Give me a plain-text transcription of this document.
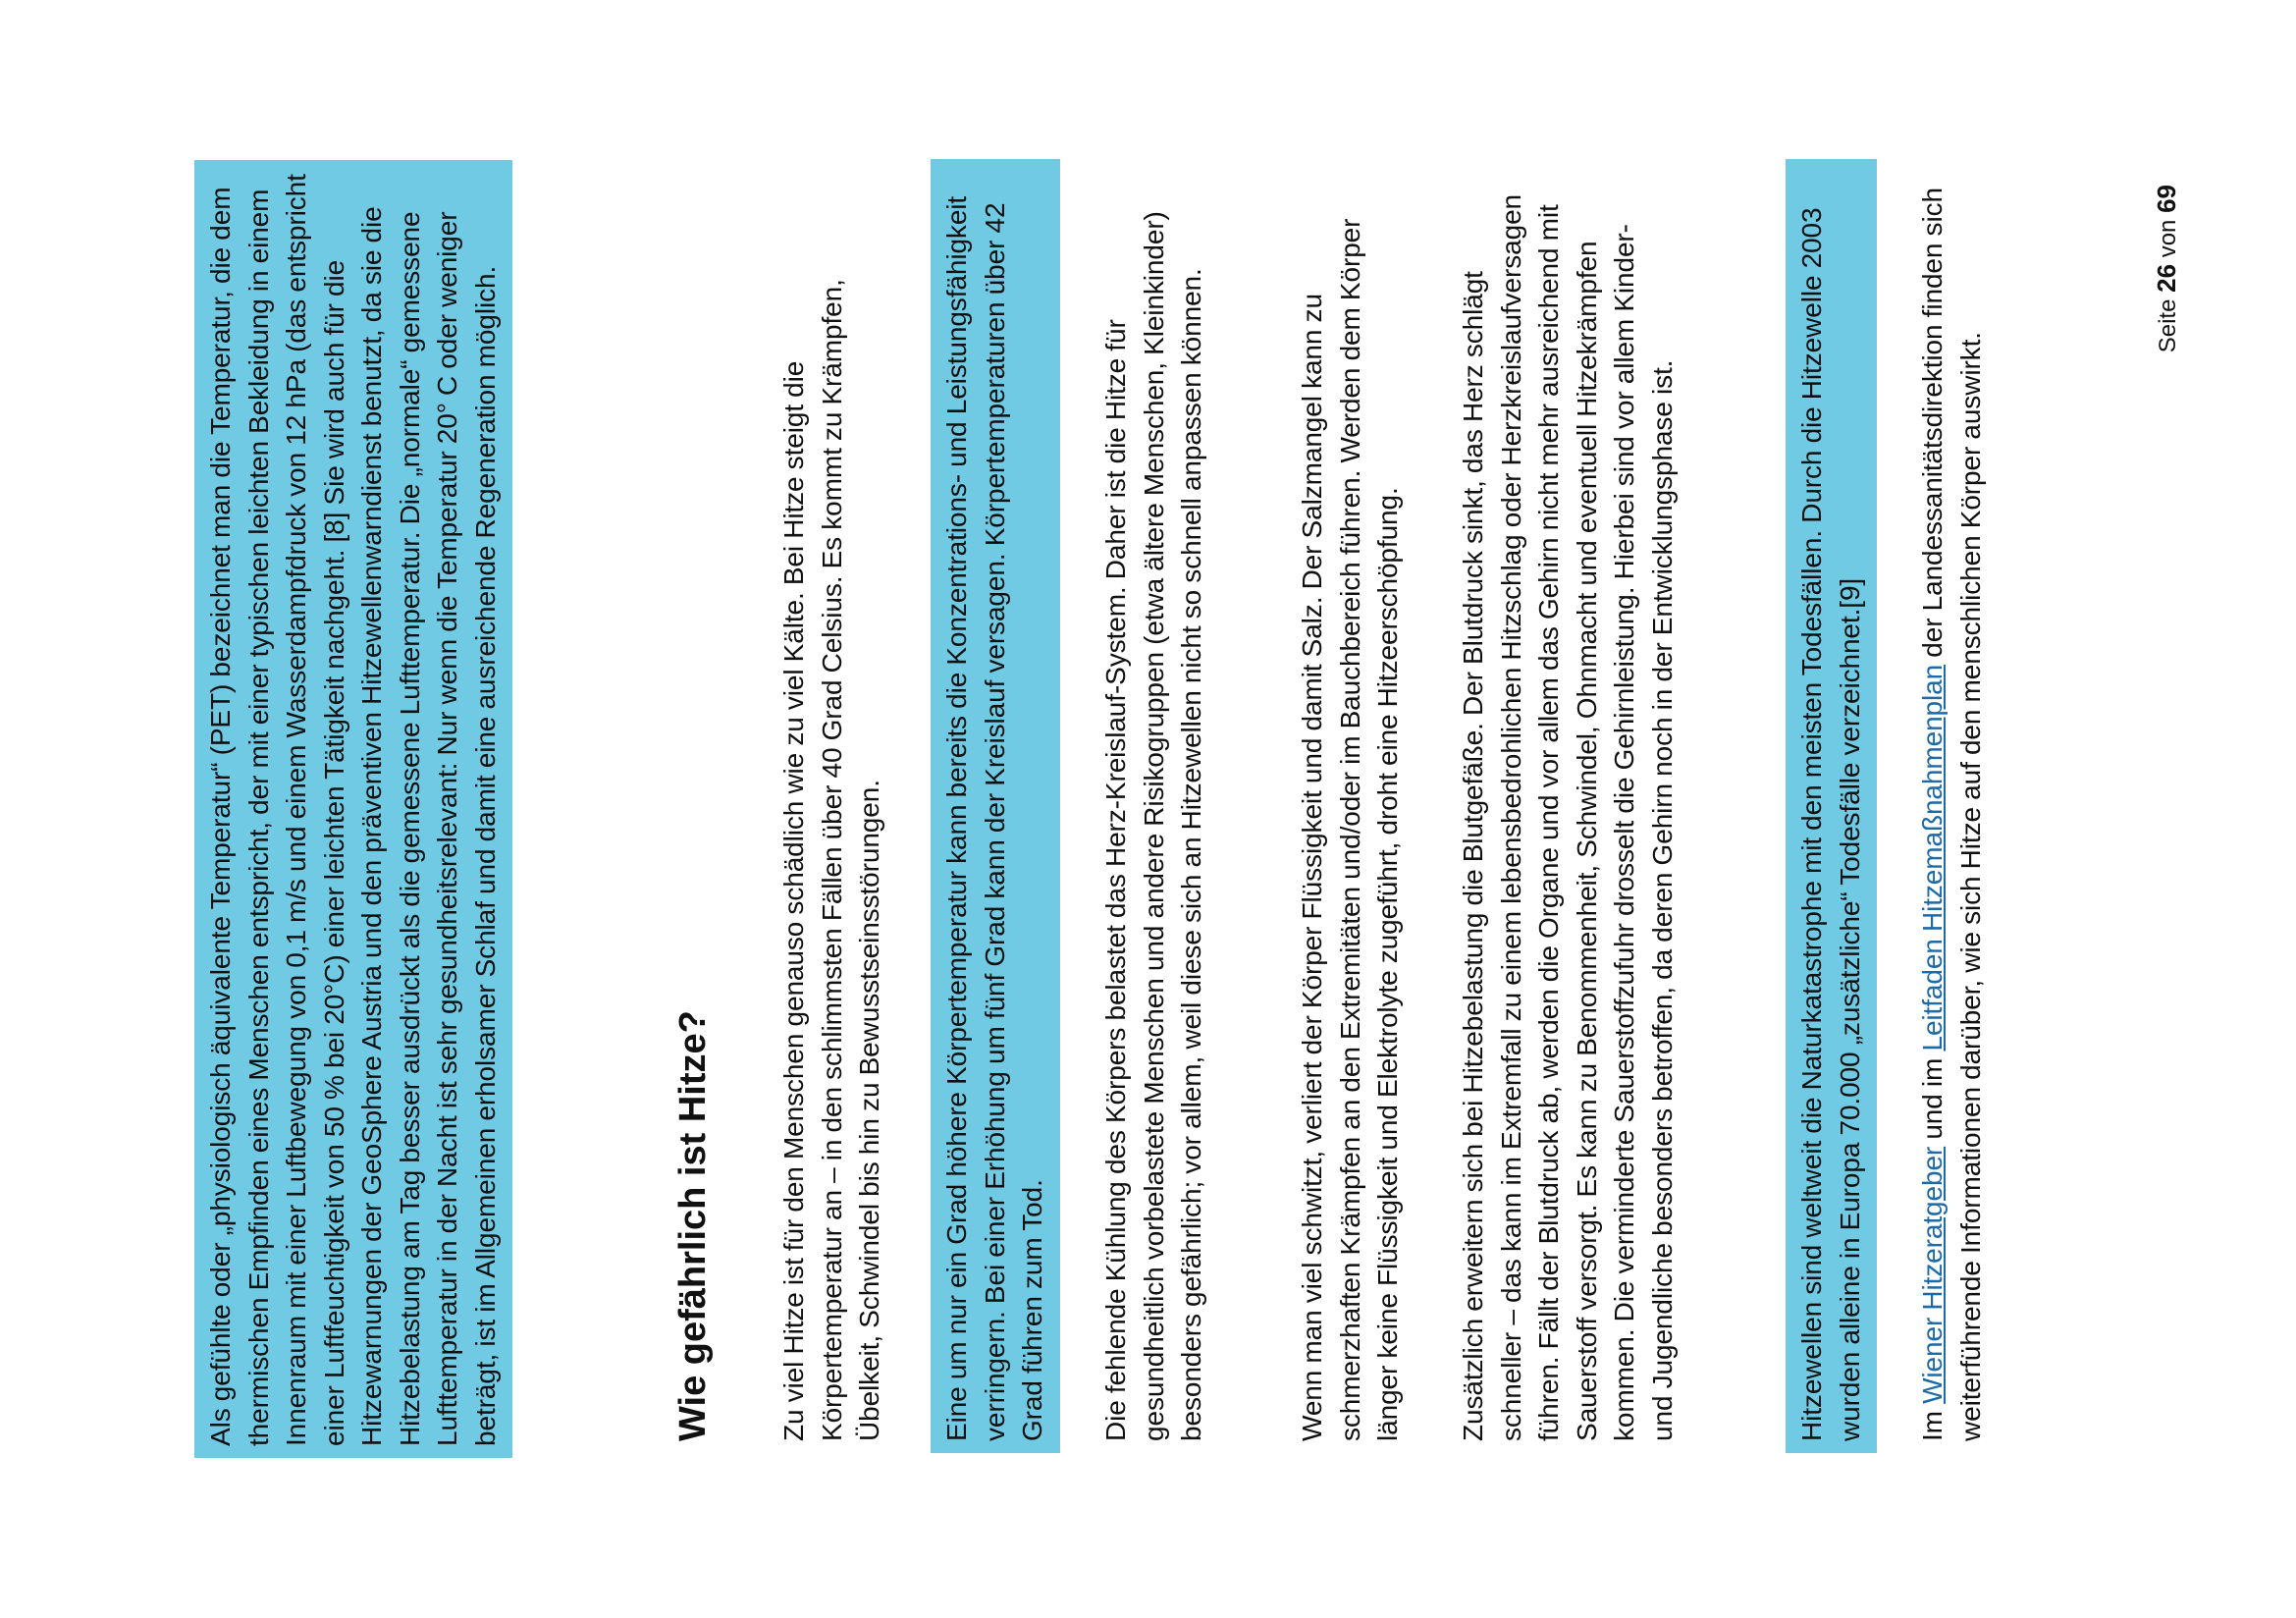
Als gefühlte oder „physiologisch äquivalente Temperatur“ (PET) bezeichnet man die Temperatur, die dem thermischen Empfinden eines Menschen entspricht, der mit einer typischen leichten Bekleidung in einem Innenraum mit einer Luftbewegung von 0,1 m/s und einem Wasserdampfdruck von 12 hPa (das entspricht einer Luftfeuchtigkeit von 50 % bei 20°C) einer leichten Tätigkeit nachgeht. [8] Sie wird auch für die Hitzewarnungen der GeoSphere Austria und den präventiven Hitzewellenwarndienst benutzt, da sie die Hitzebelastung am Tag besser ausdrückt als die gemessene Lufttemperatur. Die „normale“ gemessene Lufttemperatur in der Nacht ist sehr gesundheitsrelevant: Nur wenn die Temperatur 20° C oder weniger beträgt, ist im Allgemeinen erholsamer Schlaf und damit eine ausreichende Regeneration möglich.	Wie gefährlich ist Hitze? Zu viel Hitze ist für den Menschen genauso schädlich wie zu viel Kälte. Bei Hitze steigt die Körpertemperatur an – in den schlimmsten Fällen über 40 Grad Celsius. Es kommt zu Krämpfen, Übelkeit, Schwindel bis hin zu Bewusstseinsstörungen.	Eine um nur ein Grad höhere Körpertemperatur kann bereits die Konzentrations- und Leistungsfähigkeit verringern. Bei einer Erhöhung um fünf Grad kann der Kreislauf versagen. Körpertemperaturen über 42 Grad führen zum Tod.	Die fehlende Kühlung des Körpers belastet das Herz-Kreislauf-System. Daher ist die Hitze für gesundheitlich vorbelastete Menschen und andere Risikogruppen (etwa ältere Menschen, Kleinkinder) besonders gefährlich; vor allem, weil diese sich an Hitzewellen nicht so schnell anpassen können.	Wenn man viel schwitzt, verliert der Körper Flüssigkeit und damit Salz. Der Salzmangel kann zu schmerzhaften Krämpfen an den Extremitäten und/oder im Bauchbereich führen. Werden dem Körper länger keine Flüssigkeit und Elektrolyte zugeführt, droht eine Hitzeerschöpfung. Zusätzlich erweitern sich bei Hitzebelastung die Blutgefäße. Der Blutdruck sinkt, das Herz schlägt schneller – das kann im Extremfall zu einem lebensbedrohlichen Hitzschlag oder Herzkreislaufversagen führen. Fällt der Blutdruck ab, werden die Organe und vor allem das Gehirn nicht mehr ausreichend mit Sauerstoff versorgt. Es kann zu Benommenheit, Schwindel, Ohnmacht und eventuell Hitzekrämpfen kommen. Die verminderte Sauerstoffzufuhr drosselt die Gehirnleistung. Hierbei sind vor allem Kinder- und Jugendliche besonders betroffen, da deren Gehirn noch in der Entwicklungsphase ist.	Hitzewellen sind weltweit die Naturkatastrophe mit den meisten Todesfällen. Durch die Hitzewelle 2003 wurden alleine in Europa 70.000 „zusätzliche“ Todesfälle verzeichnet.[9]	Im Wiener Hitzeratgeber und im Leitfaden Hitzemaßnahmenplan der Landessanitätsdirektion finden sich weiterführende Informationen darüber, wie sich Hitze auf den menschlichen Körper auswirkt.

Seite 26 von 69
